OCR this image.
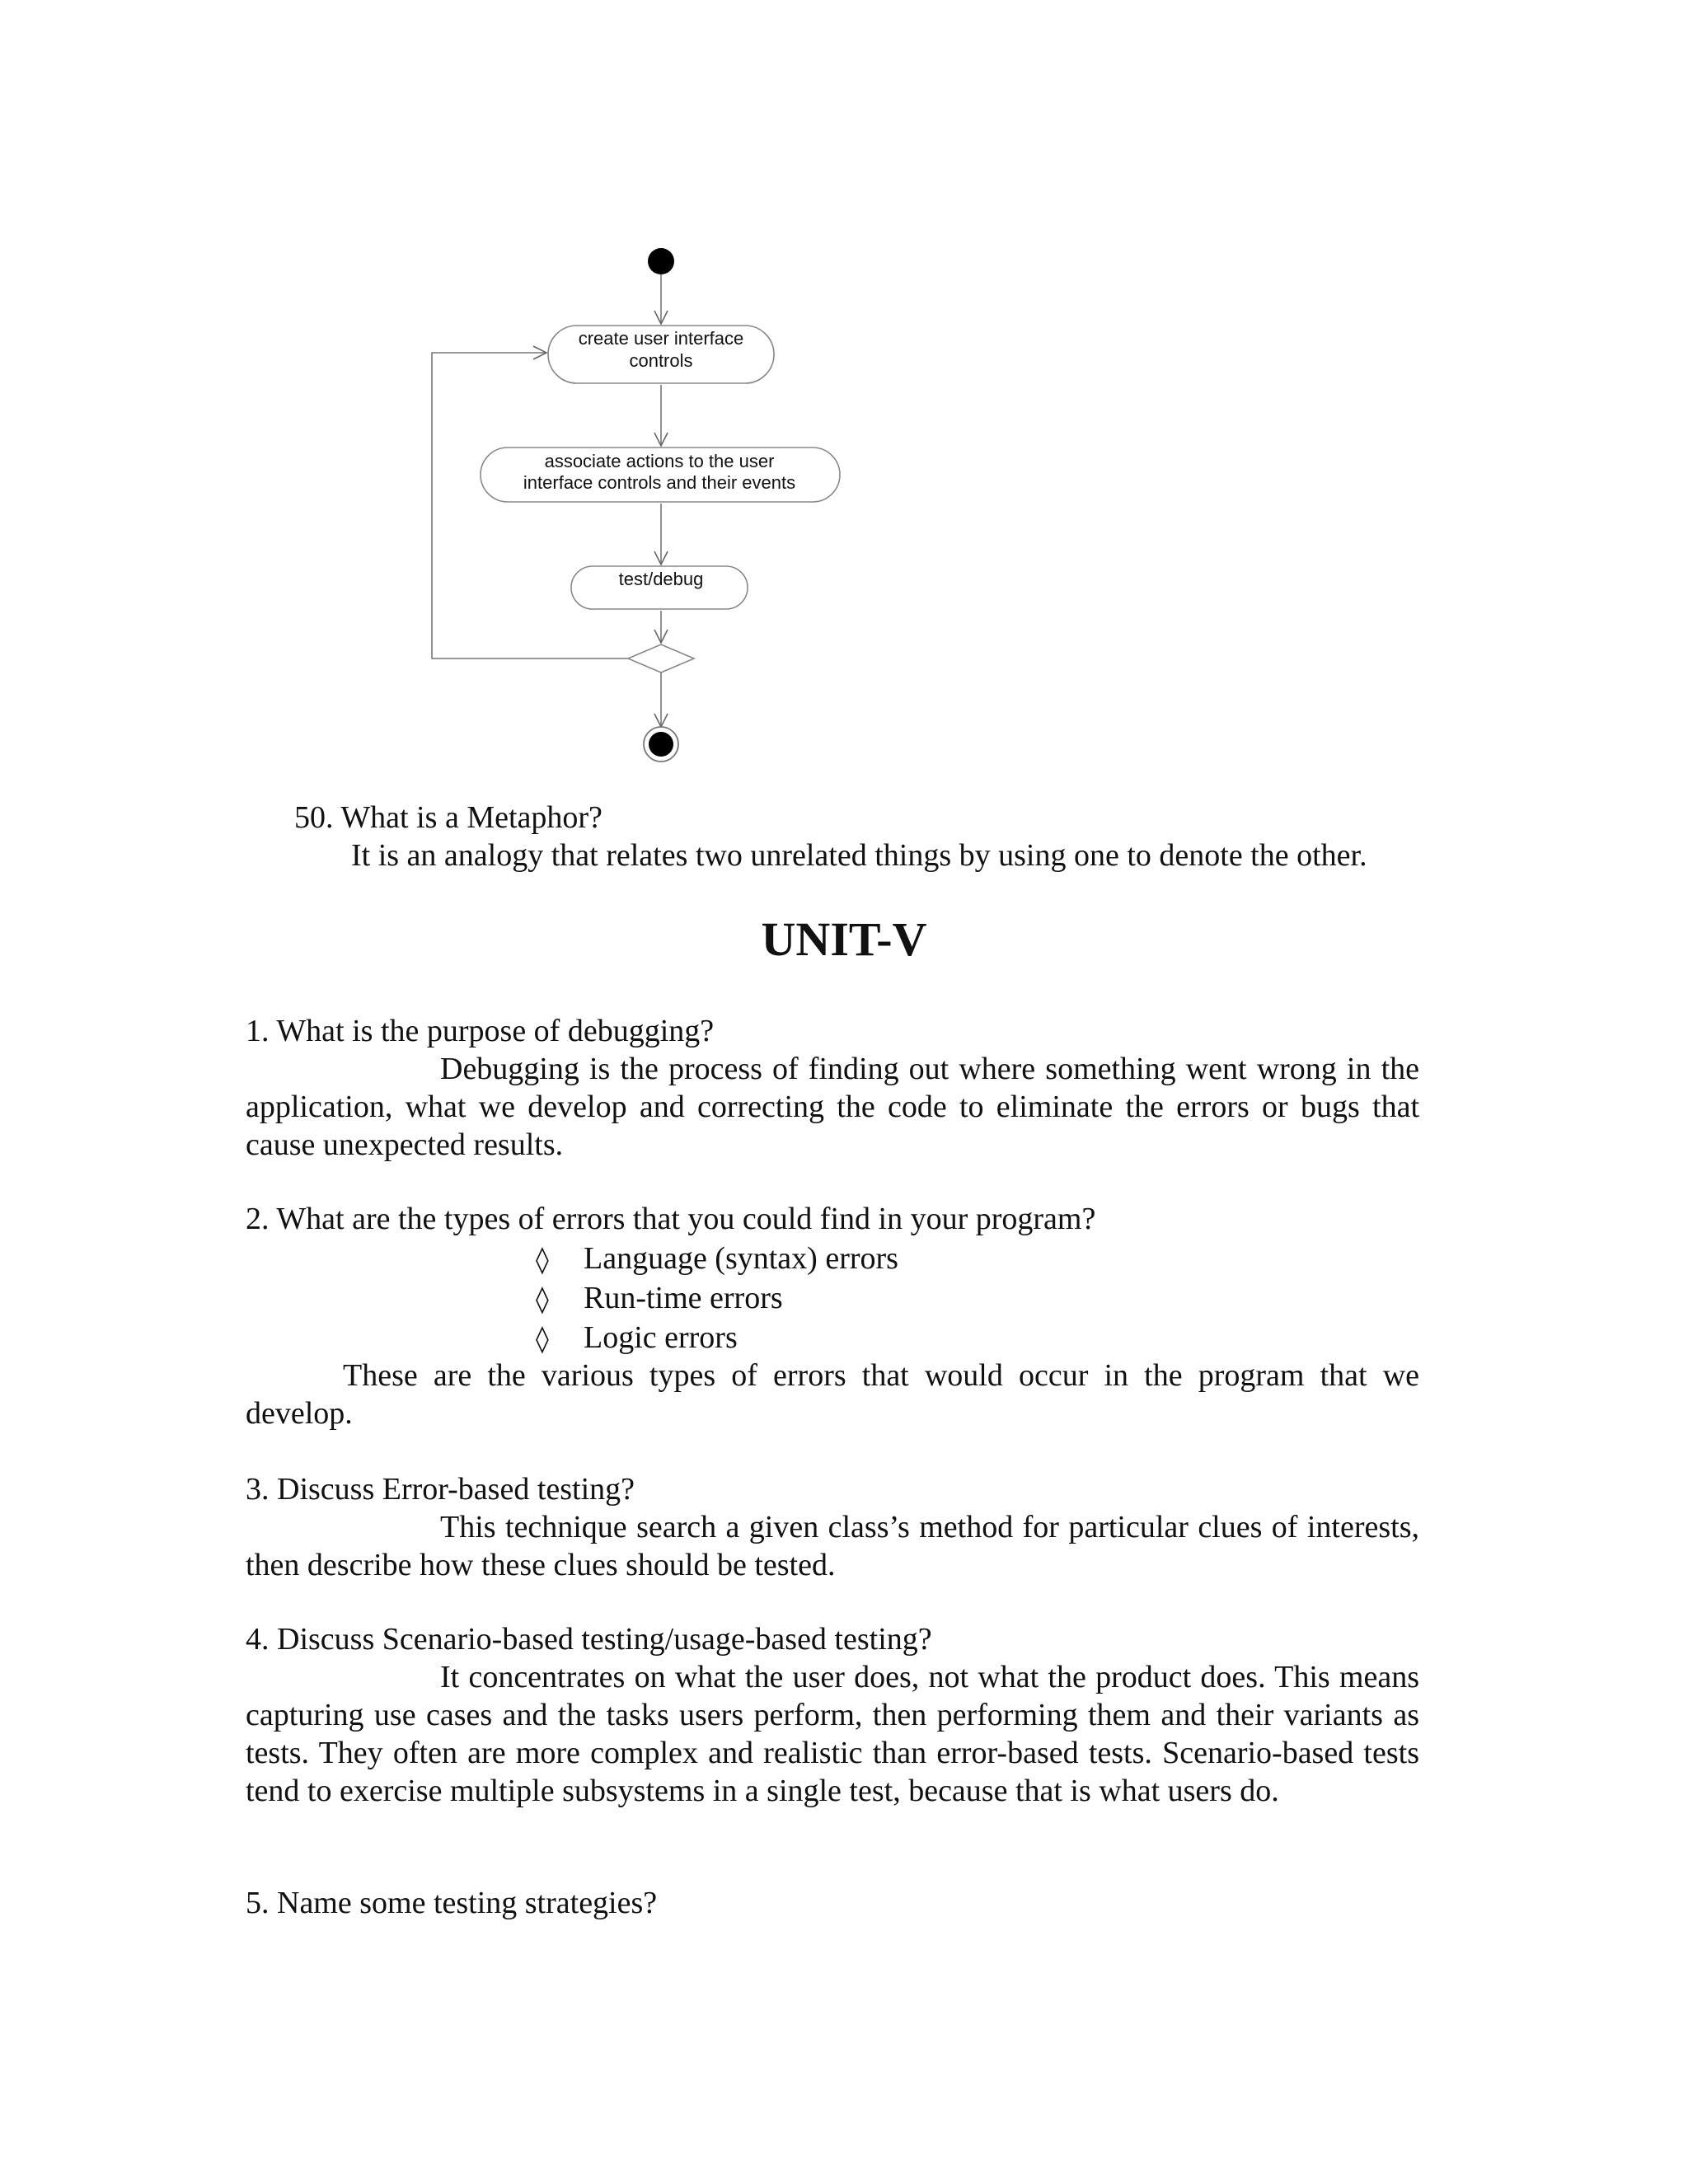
create user interface
controls
associate actions to the user
interface controls and their events
test/debug
50. What is a Metaphor?
It is an analogy that relates two unrelated things by using one to denote the other.
UNIT-V
1. What is the purpose of debugging?
Debugging is the process of finding out where something went wrong in the application, what we develop and correcting the code to eliminate the errors or bugs that cause unexpected results.
2. What are the types of errors that you could find in your program?
◊ Language (syntax) errors
◊ Run-time errors
◊ Logic errors
These are the various types of errors that would occur in the program that we develop.
3. Discuss Error-based testing?
This technique search a given class’s method for particular clues of interests, then describe how these clues should be tested.
4. Discuss Scenario-based testing/usage-based testing?
It concentrates on what the user does, not what the product does. This means capturing use cases and the tasks users perform, then performing them and their variants as tests. They often are more complex and realistic than error-based tests. Scenario-based tests tend to exercise multiple subsystems in a single test, because that is what users do.
5. Name some testing strategies?
